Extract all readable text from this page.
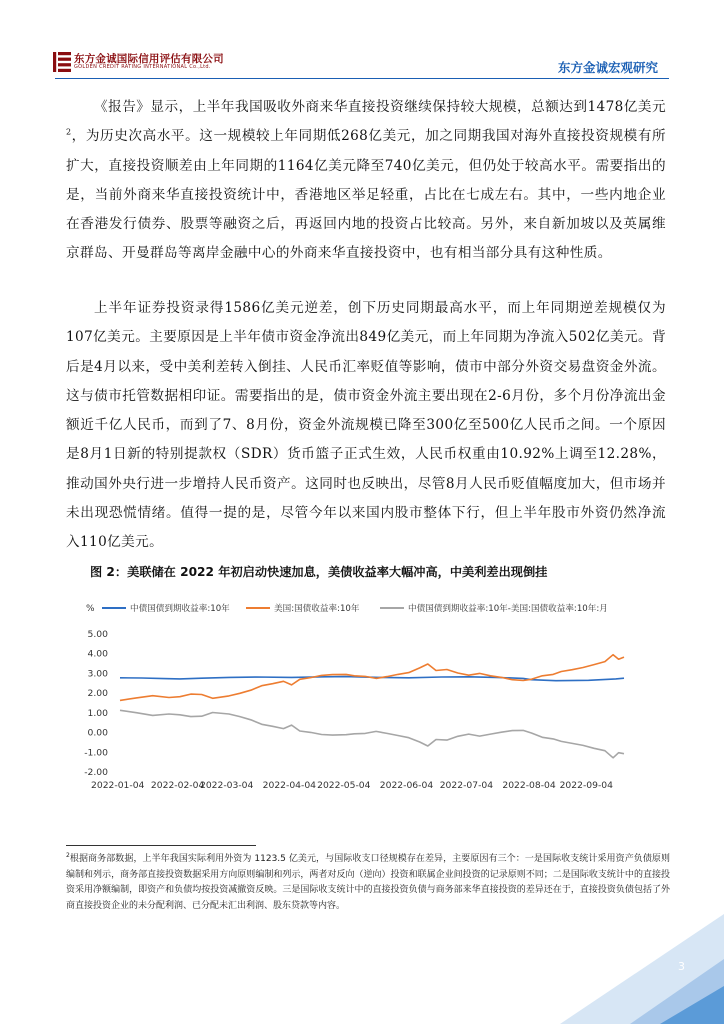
东方金诚国际信用评估有限公司
GOLDEN CREDIT RATING INTERNATIONAL Co.,Ltd.	东方金诚宏观研究

《报告》显示，上半年我国吸收外商来华直接投资继续保持较大规模，总额达到1478亿美元$^2$，为历史次高水平。这一规模较上年同期低268亿美元，加之同期我国对海外直接投资规模有所扩大，直接投资顺差由上年同期的1164亿美元降至740亿美元，但仍处于较高水平。需要指出的是，当前外商来华直接投资统计中，香港地区举足轻重，占比在七成左右。其中，一些内地企业在香港发行债券、股票等融资之后，再返回内地的投资占比较高。另外，来自新加坡以及英属维京群岛、开曼群岛等离岸金融中心的外商来华直接投资中，也有相当部分具有这种性质。

上半年证券投资录得1586亿美元逆差，创下历史同期最高水平，而上年同期逆差规模仅为107亿美元。主要原因是上半年债市资金净流出849亿美元，而上年同期为净流入502亿美元。背后是4月以来，受中美利差转入倒挂、人民币汇率贬值等影响，债市中部分外资交易盘资金外流。这与债市托管数据相印证。需要指出的是，债市资金外流主要出现在2-6月份，多个月份净流出金额近千亿人民币，而到了7、8月份，资金外流规模已降至300亿至500亿人民币之间。一个原因是8月1日新的特别提款权（SDR）货币篮子正式生效，人民币权重由10.92%上调至12.28%，推动国外央行进一步增持人民币资产。这同时也反映出，尽管8月人民币贬值幅度加大，但市场并未出现恐慌情绪。值得一提的是，尽管今年以来国内股市整体下行，但上半年股市外资仍然净流入110亿美元。

图 2：美联储在 2022 年初启动快速加息，美债收益率大幅冲高，中美利差出现倒挂

%	中债国债到期收益率:10年	美国:国债收益率:10年	中债国债到期收益率:10年-美国:国债收益率:10年:月
5.00
4.00
3.00
2.00
1.00
0.00
-1.00
-2.00
2022-01-04 2022-02-04
2022-03-04 2022-04-04 2022-05-04 2022-06-04 2022-07-04 2022-08-04 2022-09-04

$^2$根据商务部数据，上半年我国实际利用外资为 1123.5 亿美元，与国际收支口径规模存在差异，主要原因有三个：一是国际收支统计采用资产负债原则编制和列示，商务部直接投资数据采用方向原则编制和列示，两者对反向（逆向）投资和联属企业间投资的记录原则不同；二是国际收支统计中的直接投资采用净额编制，即资产和负债均按投资减撤资反映。三是国际收支统计中的直接投资负债与商务部来华直接投资的差异还在于，直接投资负债包括了外商直接投资企业的未分配利润、已分配未汇出利润、股东贷款等内容。

3
